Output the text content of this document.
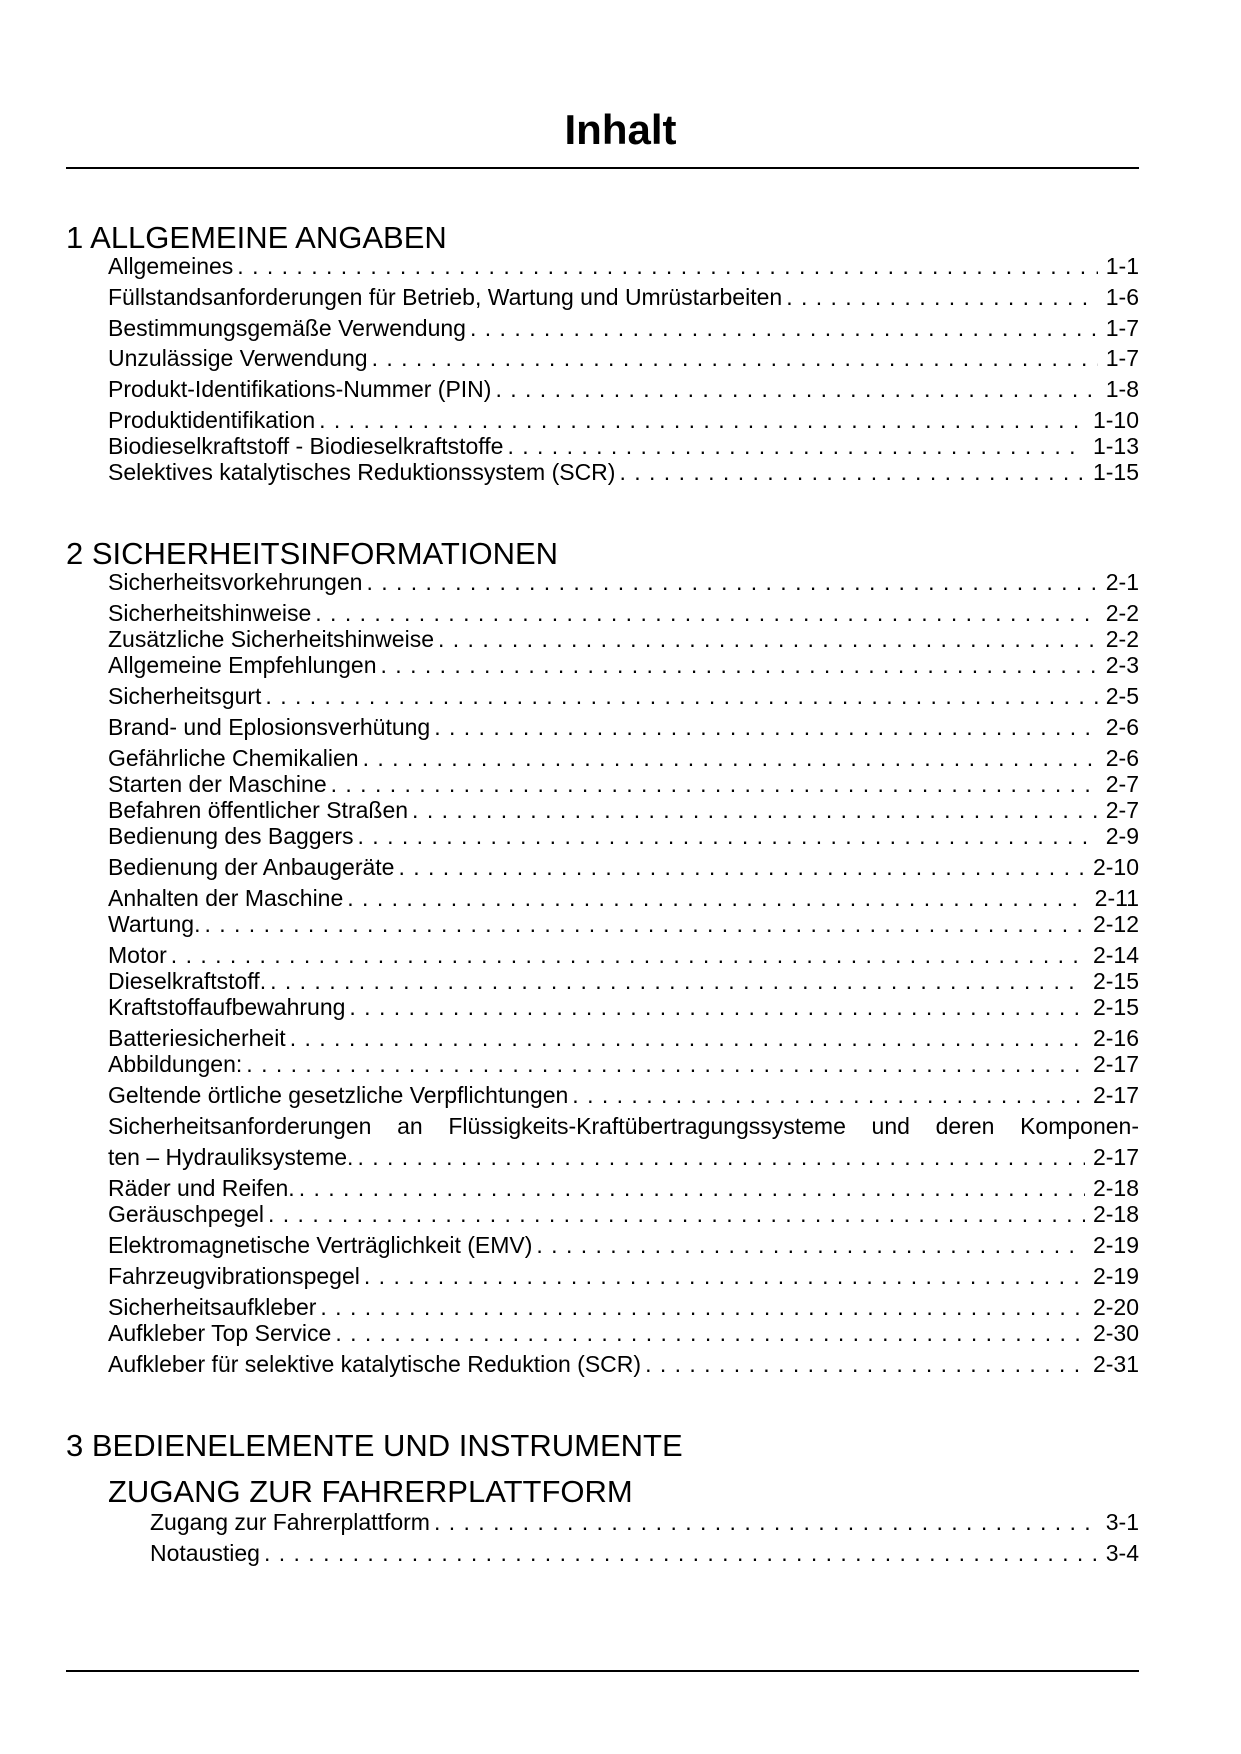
Inhalt
1 ALLGEMEINE ANGABEN
Allgemeines . . .	1-1
Füllstandsanforderungen für Betrieb, Wartung und Umrüstarbeiten . . .	1-6
Bestimmungsgemäße Verwendung . . .	1-7
Unzulässige Verwendung . . .	1-7
Produkt-Identifikations-Nummer (PIN) . . .	1-8
Produktidentifikation . . .	1-10
Biodieselkraftstoff - Biodieselkraftstoffe . . .	1-13
Selektives katalytisches Reduktionssystem (SCR) . . .	1-15
2 SICHERHEITSINFORMATIONEN
Sicherheitsvorkehrungen . . .	2-1
Sicherheitshinweise . . .	2-2
Zusätzliche Sicherheitshinweise . . .	2-2
Allgemeine Empfehlungen . . .	2-3
Sicherheitsgurt . . .	2-5
Brand- und Eplosionsverhütung . . .	2-6
Gefährliche Chemikalien . . .	2-6
Starten der Maschine . . .	2-7
Befahren öffentlicher Straßen . . .	2-7
Bedienung des Baggers . . .	2-9
Bedienung der Anbaugeräte . . .	2-10
Anhalten der Maschine . . .	2-11
Wartung. . . .	2-12
Motor . . .	2-14
Dieselkraftstoff. . . .	2-15
Kraftstoffaufbewahrung . . .	2-15
Batteriesicherheit . . .	2-16
Abbildungen: . . .	2-17
Geltende örtliche gesetzliche Verpflichtungen . . .	2-17
Sicherheitsanforderungen an Flüssigkeits-Kraftübertragungssysteme und deren Komponen-
ten – Hydrauliksysteme. . . .	2-17
Räder und Reifen. . . .	2-18
Geräuschpegel . . .	2-18
Elektromagnetische Verträglichkeit (EMV) . . .	2-19
Fahrzeugvibrationspegel . . .	2-19
Sicherheitsaufkleber . . .	2-20
Aufkleber Top Service . . .	2-30
Aufkleber für selektive katalytische Reduktion (SCR) . . .	2-31
3 BEDIENELEMENTE UND INSTRUMENTE
ZUGANG ZUR FAHRERPLATTFORM
Zugang zur Fahrerplattform . . .	3-1
Notaustieg . . .	3-4
